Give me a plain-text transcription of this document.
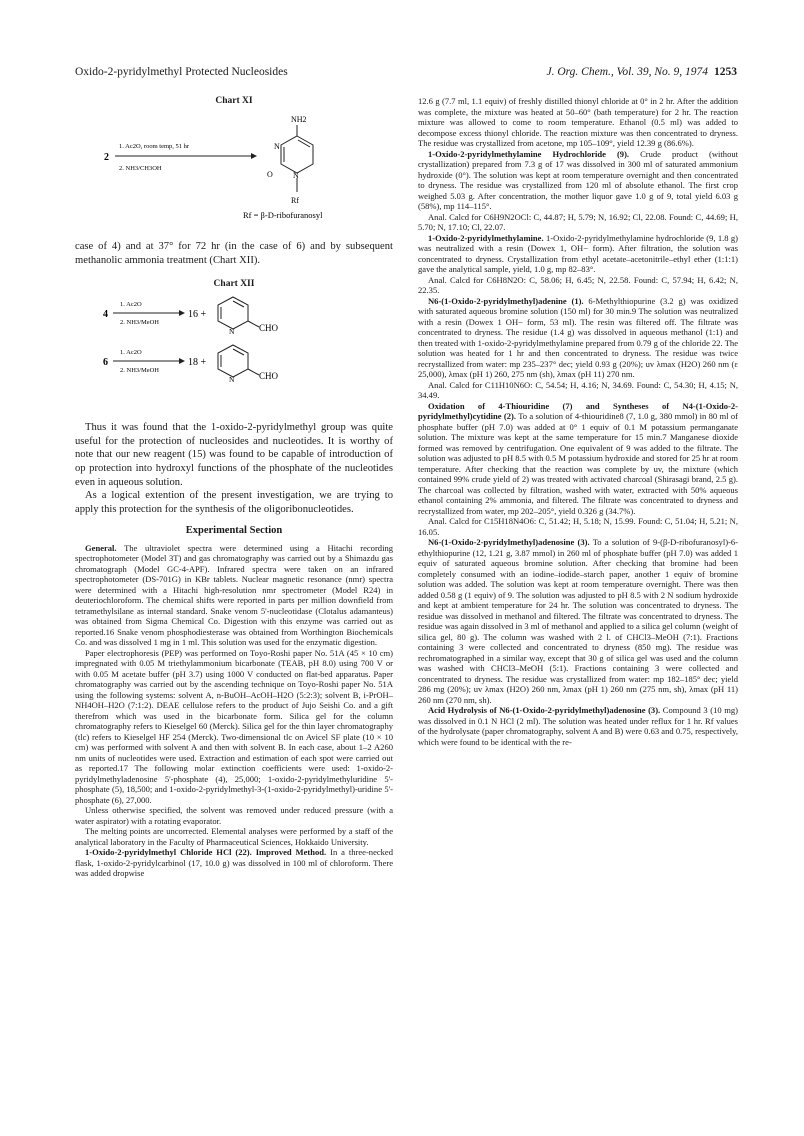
Oxido-2-pyridylmethyl Protected Nucleosides	J. Org. Chem., Vol. 39, No. 9, 1974 1253
Chart XI
2
1. Ac2O, room temp, 51 hr
2. NH3/CH3OH
NH2
N
N
O
Rf
Rf = β-D-ribofuranosyl

case of 4) and at 37° for 72 hr (in the case of 6) and by subsequent methanolic ammonia treatment (Chart XII).

Chart XII
4
1. Ac2O
2. NH3/MeOH
16 +
N	CHO
6
1. Ac2O
2. NH3/MeOH
18 +
N	CHO

Thus it was found that the 1-oxido-2-pyridylmethyl group was quite useful for the protection of nucleosides and nucleotides. It is worthy of note that our new reagent (15) was found to be capable of introduction of op protection into hydroxyl functions of the phosphate of the nucleotides even in aqueous solution.

As a logical extention of the present investigation, we are trying to apply this protection for the synthesis of the oligoribonucleotides.

Experimental Section

General. The ultraviolet spectra were determined using a Hitachi recording spectrophotometer (Model 3T) and gas chromatography was carried out by a Shimazdu gas chromatograph (Model GC-4-APF). Infrared spectra were taken on an infrared spectrophotometer (DS-701G) in KBr tablets. Nuclear magnetic resonance (nmr) spectra were determined with a Hitachi high-resolution nmr spectrometer (Model R24) in deuteriochloroform. The chemical shifts were reported in parts per million downfield from tetramethylsilane as internal standard. Snake venom 5'-nucleotidase (Clotalus adamanteus) was obtained from Sigma Chemical Co. Digestion with this enzyme was carried out as reported.16 Snake venom phosphodiesterase was obtained from Worthington Biochemicals Co. and was dissolved 1 mg in 1 ml. This solution was used for the enzymatic digestion.

Paper electrophoresis (PEP) was performed on Toyo-Roshi paper No. 51A (45 × 10 cm) impregnated with 0.05 M triethylammonium bicarbonate (TEAB, pH 8.0) using 700 V or with 0.05 M acetate buffer (pH 3.7) using 1000 V conducted on flat-bed apparatus. Paper chromatography was carried out by the ascending technique on Toyo-Roshi paper No. 51A using the following systems: solvent A, n-BuOH–AcOH–H2O (5:2:3); solvent B, i-PrOH–NH4OH–H2O (7:1:2). DEAE cellulose refers to the product of Jujo Seishi Co. and a gift therefrom which was used in the bicarbonate form. Silica gel for the column chromatography refers to Kieselgel 60 (Merck). Silica gel for the thin layer chromatography (tlc) refers to Kieselgel HF 254 (Merck). Two-dimensional tlc on Avicel SF plate (10 × 10 cm) was performed with solvent A and then with solvent B. In each case, about 1–2 A260 nm units of nucleotides were used. Extraction and estimation of each spot were carried out as reported.17 The following molar extinction coefficients were used: 1-oxido-2-pyridylmethyladenosine 5'-phosphate (4), 25,000; 1-oxido-2-pyridylmethyluridine 5'-phosphate (5), 18,500; and 1-oxido-2-pyridylmethyl-3-(1-oxido-2-pyridylmethyl)-uridine 5'-phosphate (6), 27,000.

Unless otherwise specified, the solvent was removed under reduced pressure (with a water aspirator) with a rotating evaporator.

The melting points are uncorrected. Elemental analyses were performed by a staff of the analytical laboratory in the Faculty of Pharmaceutical Sciences, Hokkaido University.

1-Oxido-2-pyridylmethyl Chloride HCl (22). Improved Method. In a three-necked flask, 1-oxido-2-pyridylcarbinol (17, 10.0 g) was dissolved in 100 ml of chloroform. There was added dropwise

12.6 g (7.7 ml, 1.1 equiv) of freshly distilled thionyl chloride at 0° in 2 hr. After the addition was complete, the mixture was heated at 50–60° (bath temperature) for 2 hr. The reaction mixture was allowed to come to room temperature. Ethanol (0.5 ml) was added to decompose excess thionyl chloride. The reaction mixture was then concentrated to dryness. The residue was crystallized from acetone, mp 105–109°, yield 12.39 g (86.6%).

1-Oxido-2-pyridylmethylamine Hydrochloride (9). Crude product (without crystallization) prepared from 7.3 g of 17 was dissolved in 300 ml of saturated ammonium hydroxide (0°). The solution was kept at room temperature overnight and then concentrated to dryness. The residue was crystallized from 120 ml of absolute ethanol. The first crop weighed 5.03 g. After concentration, the mother liquor gave 1.0 g of 9, total yield 6.03 g (58%), mp 114–115°.

Anal. Calcd for C6H9N2OCl: C, 44.87; H, 5.79; N, 16.92; Cl, 22.08. Found: C, 44.69; H, 5.70; N, 17.10; Cl, 22.07.

1-Oxido-2-pyridylmethylamine. 1-Oxido-2-pyridylmethylamine hydrochloride (9, 1.8 g) was neutralized with a resin (Dowex 1, OH− form). After filtration, the solution was concentrated to dryness. Crystallization from ethyl acetate–acetonitrile–ethyl ether (1:1:1) gave the analytical sample, yield, 1.0 g, mp 82–83°.

Anal. Calcd for C6H8N2O: C, 58.06; H, 6.45; N, 22.58. Found: C, 57.94; H, 6.42; N, 22.35.

N6-(1-Oxido-2-pyridylmethyl)adenine (1). 6-Methylthiopurine (3.2 g) was oxidized with saturated aqueous bromine solution (150 ml) for 30 min.9 The solution was neutralized with a resin (Dowex 1 OH− form, 53 ml). The resin was filtered off. The filtrate was concentrated to dryness. The residue (1.4 g) was dissolved in aqueous methanol (1:1) and then treated with 1-oxido-2-pyridylmethylamine prepared from 0.79 g of the chloride 22. The solution was heated for 1 hr and then concentrated to dryness. The residue was twice recrystallized from water: mp 235–237° dec; yield 0.93 g (20%); uv λmax (H2O) 260 nm (ε 25,000), λmax (pH 1) 260, 275 nm (sh), λmax (pH 11) 270 nm.

Anal. Calcd for C11H10N6O: C, 54.54; H, 4.16; N, 34.69. Found: C, 54.30; H, 4.15; N, 34.49.

Oxidation of 4-Thiouridine (7) and Syntheses of N4-(1-Oxido-2-pyridylmethyl)cytidine (2). To a solution of 4-thiouridine8 (7, 1.0 g, 380 mmol) in 80 ml of phosphate buffer (pH 7.0) was added at 0° 1 equiv of 0.1 M potassium permanganate solution. The mixture was kept at the same temperature for 15 min.7 Manganese dioxide formed was removed by centrifugation. One equivalent of 9 was added to the filtrate. The solution was adjusted to pH 8.5 with 0.5 M potassium hydroxide and stored for 25 hr at room temperature. After checking that the reaction was complete by uv, the mixture (which contained 99% crude yield of 2) was treated with activated charcoal (Shirasagi brand, 2.5 g). The charcoal was collected by filtration, washed with water, extracted with 50% aqueous ethanol containing 2% ammonia, and filtered. The filtrate was concentrated to dryness and recrystallized from water, mp 202–205°, yield 0.326 g (34.7%).

Anal. Calcd for C15H18N4O6: C, 51.42; H, 5.18; N, 15.99. Found: C, 51.04; H, 5.21; N, 16.05.

N6-(1-Oxido-2-pyridylmethyl)adenosine (3). To a solution of 9-(β-D-ribofuranosyl)-6-ethylthiopurine (12, 1.21 g, 3.87 mmol) in 260 ml of phosphate buffer (pH 7.0) was added 1 equiv of saturated aqueous bromine solution. After checking that bromine had been completely consumed with an iodine–iodide–starch paper, another 1 equiv of bromine solution was added. The solution was kept at room temperature overnight. There was then added 0.58 g (1 equiv) of 9. The solution was adjusted to pH 8.5 with 2 N sodium hydroxide and kept at ambient temperature for 24 hr. The solution was concentrated to dryness. The residue was dissolved in methanol and filtered. The filtrate was concentrated to dryness. The residue was again dissolved in 3 ml of methanol and applied to a silica gel column (weight of silica gel, 80 g). The column was washed with 2 l. of CHCl3–MeOH (7:1). Fractions containing 3 were collected and concentrated to dryness (850 mg). The residue was rechromatographed in a similar way, except that 30 g of silica gel was used and the column was washed with CHCl3–MeOH (5:1). Fractions containing 3 were collected and concentrated to dryness. The residue was crystallized from water: mp 182–185° dec; yield 286 mg (20%); uv λmax (H2O) 260 nm, λmax (pH 1) 260 nm (275 nm, sh), λmax (pH 11) 260 nm (270 nm, sh).

Acid Hydrolysis of N6-(1-Oxido-2-pyridylmethyl)adenosine (3). Compound 3 (10 mg) was dissolved in 0.1 N HCl (2 ml). The solution was heated under reflux for 1 hr. Rf values of the hydrolysate (paper chromatography, solvent A and B) were 0.63 and 0.75, respectively, which were found to be identical with the re-
